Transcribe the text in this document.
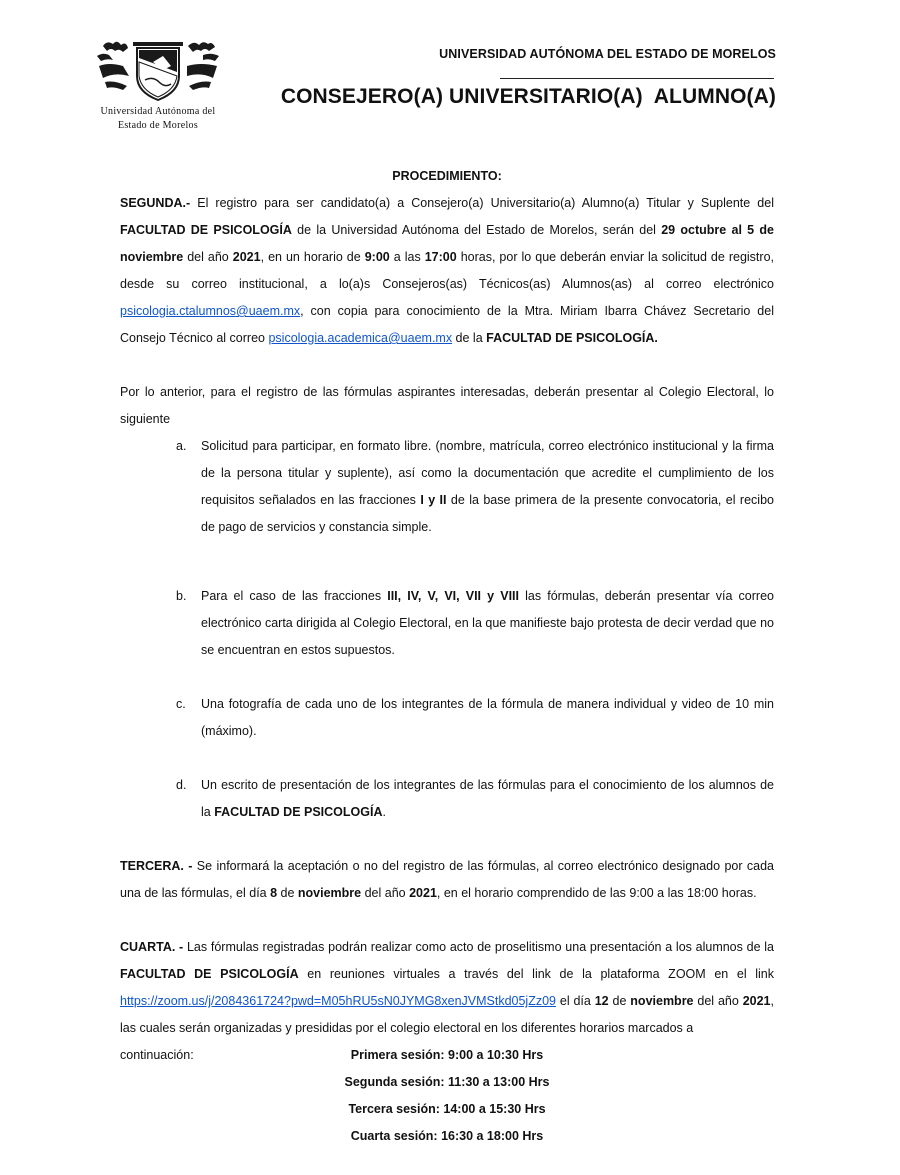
Universidad Autónoma del
Estado de Morelos
UNIVERSIDAD AUTÓNOMA DEL ESTADO DE MORELOS
CONSEJERO(A) UNIVERSITARIO(A)  ALUMNO(A)
PROCEDIMIENTO:
SEGUNDA.- El registro para ser candidato(a) a Consejero(a) Universitario(a) Alumno(a) Titular y Suplente del FACULTAD DE PSICOLOGÍA de la Universidad Autónoma del Estado de Morelos, serán del 29 octubre al 5 de noviembre del año 2021, en un horario de 9:00 a las 17:00 horas, por lo que deberán enviar la solicitud de registro, desde su correo institucional, a lo(a)s Consejeros(as) Técnicos(as) Alumnos(as) al correo electrónico psicologia.ctalumnos@uaem.mx, con copia para conocimiento de la Mtra. Miriam Ibarra Chávez Secretario del Consejo Técnico al correo psicologia.academica@uaem.mx de la FACULTAD DE PSICOLOGÍA.
Por lo anterior, para el registro de las fórmulas aspirantes interesadas, deberán presentar al Colegio Electoral, lo siguiente
a. Solicitud para participar, en formato libre. (nombre, matrícula, correo electrónico institucional y la firma de la persona titular y suplente), así como la documentación que acredite el cumplimiento de los requisitos señalados en las fracciones I y II de la base primera de la presente convocatoria, el recibo de pago de servicios y constancia simple.
b. Para el caso de las fracciones III, IV, V, VI, VII y VIII las fórmulas, deberán presentar vía correo electrónico carta dirigida al Colegio Electoral, en la que manifieste bajo protesta de decir verdad que no se encuentran en estos supuestos.
c. Una fotografía de cada uno de los integrantes de la fórmula de manera individual y video de 10 min (máximo).
d. Un escrito de presentación de los integrantes de las fórmulas para el conocimiento de los alumnos de la FACULTAD DE PSICOLOGÍA.
TERCERA. - Se informará la aceptación o no del registro de las fórmulas, al correo electrónico designado por cada una de las fórmulas, el día 8 de noviembre del año 2021, en el horario comprendido de las 9:00 a las 18:00 horas.
CUARTA. - Las fórmulas registradas podrán realizar como acto de proselitismo una presentación a los alumnos de la FACULTAD DE PSICOLOGÍA en reuniones virtuales a través del link de la plataforma ZOOM en el link https://zoom.us/j/2084361724?pwd=M05hRU5sN0JYMG8xenJVMStkd05jZz09 el día 12 de noviembre del año 2021, las cuales serán organizadas y presididas por el colegio electoral en los diferentes horarios marcados a
continuación:	Primera sesión: 9:00 a 10:30 Hrs
Segunda sesión: 11:30 a 13:00 Hrs
Tercera sesión: 14:00 a 15:30 Hrs
Cuarta sesión: 16:30 a 18:00 Hrs
